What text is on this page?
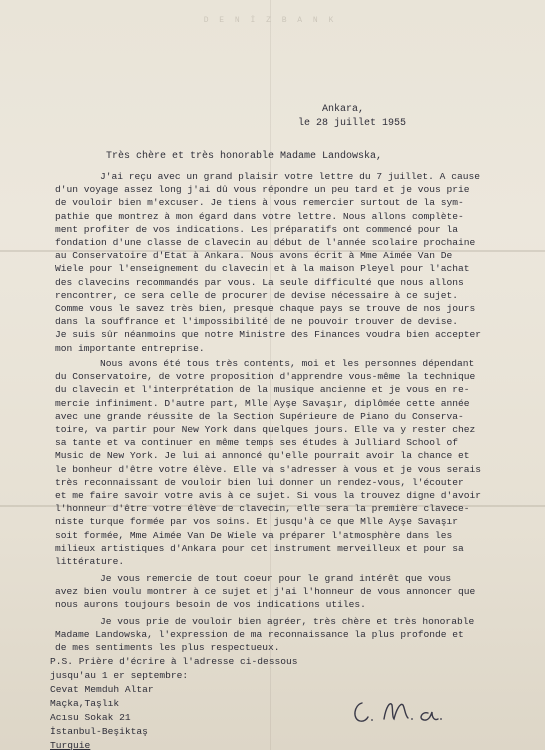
D E N İ Z B A N K
Ankara,
le 28 juillet 1955
Très chère et très honorable Madame Landowska,
J'ai reçu avec un grand plaisir votre lettre du 7 juillet. A cause
d'un voyage assez long j'ai dû vous répondre un peu tard et je vous prie
de vouloir bien m'excuser. Je tiens à vous remercier surtout de la sym-
pathie que montrez à mon égard dans votre lettre. Nous allons complète-
ment profiter de vos indications. Les préparatifs ont commencé pour la
fondation d'une classe de clavecin au début de l'année scolaire prochaine
au Conservatoire d'Etat à Ankara. Nous avons écrit à Mme Aimée Van De
Wiele pour l'enseignement du clavecin et à la maison Pleyel pour l'achat
des clavecins recommandés par vous. La seule difficulté que nous allons
rencontrer, ce sera celle de procurer de devise nécessaire à ce sujet.
Comme vous le savez très bien, presque chaque pays se trouve de nos jours
dans la souffrance et l'impossibilité de ne pouvoir trouver de devise.
Je suis sûr néanmoins que notre Ministre des Finances voudra bien accepter
mon importante entreprise.
Nous avons été tous très contents, moi et les personnes dépendant
du Conservatoire, de votre proposition d'apprendre vous-même la technique
du clavecin et l'interprétation de la musique ancienne et je vous en re-
mercie infiniment. D'autre part, Mlle Ayşe Savaşır, diplômée cette année
avec une grande réussite de la Section Supérieure de Piano du Conserva-
toire, va partir pour New York dans quelques jours. Elle va y rester chez
sa tante et va continuer en même temps ses études à Julliard School of
Music de New York. Je lui ai annoncé qu'elle pourrait avoir la chance et
le bonheur d'être votre élève. Elle va s'adresser à vous et je vous serais
très reconnaissant de vouloir bien lui donner un rendez-vous, l'écouter
et me faire savoir votre avis à ce sujet. Si vous la trouvez digne d'avoir
l'honneur d'être votre élève de clavecin, elle sera la première clavece-
niste turque formée par vos soins. Et jusqu'à ce que Mlle Ayşe Savaşır
soit formée, Mme Aimée Van De Wiele va préparer l'atmosphère dans les
milieux artistiques d'Ankara pour cet instrument merveilleux et pour sa
littérature.
Je vous remercie de tout coeur pour le grand intérêt que vous
avez bien voulu montrer à ce sujet et j'ai l'honneur de vous annoncer que
nous aurons toujours besoin de vos indications utiles.
Je vous prie de vouloir bien agréer, très chère et très honorable
Madame Landowska, l'expression de ma reconnaissance la plus profonde et
de mes sentiments les plus respectueux.
P.S. Prière d'écrire à l'adresse ci-dessous
jusqu'au 1 er septembre:
Cevat Memduh Altar
Maçka,Taşlık
Acısu Sokak 21
İstanbul-Beşiktaş
Turquie
